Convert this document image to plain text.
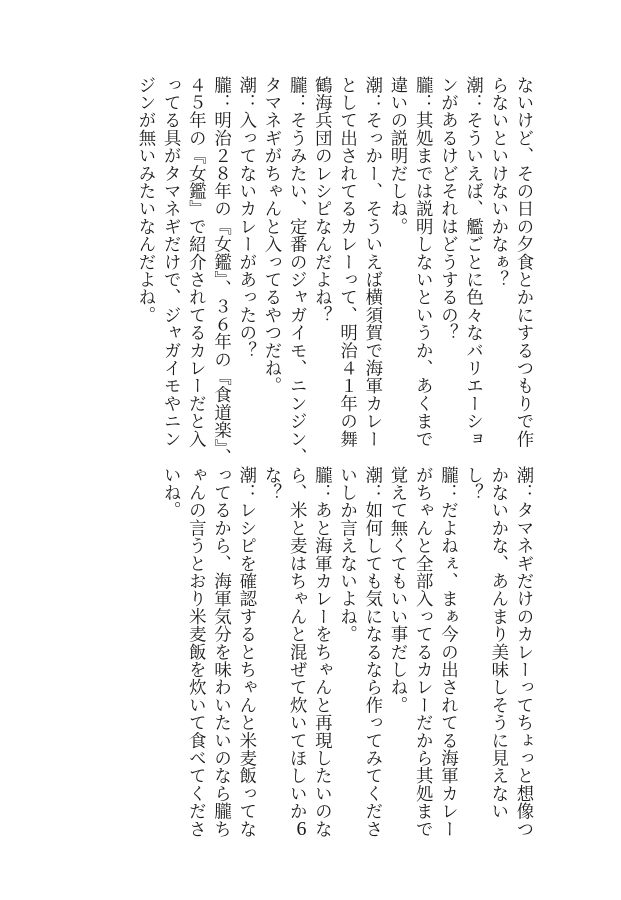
ないけど、その日の夕食とかにするつもりで作
らないといけないかなぁ？
潮：そういえば、艦ごとに色々なバリエーショ
ンがあるけどそれはどうするの？
朧：其処までは説明しないというか、あくまで
違いの説明だしね。
潮：そっかー、そういえば横須賀で海軍カレー
として出されてるカレーって、明治４１年の舞
鶴海兵団のレシピなんだよね？
朧：そうみたい、定番のジャガイモ、ニンジン、
タマネギがちゃんと入ってるやつだね。
潮：入ってないカレーがあったの？
朧：明治２８年の『女鑑』、３６年の『食道楽』、
４５年の『女鑑』で紹介されてるカレーだと入
ってる具がタマネギだけで、ジャガイモやニン
ジンが無いみたいなんだよね。
潮：タマネギだけのカレーってちょっと想像つ
かないかな、あんまり美味しそうに見えない
し？
朧：だよねぇ、まぁ今の出されてる海軍カレー
がちゃんと全部入ってるカレーだから其処まで
覚えて無くてもいい事だしね。
潮：如何しても気になるなら作ってみてくださ
いしか言えないよね。
朧：あと海軍カレーをちゃんと再現したいのな
ら、米と麦はちゃんと混ぜて炊いてほしいか
な？
潮：レシピを確認するとちゃんと米麦飯ってな
ってるから、海軍気分を味わいたいのなら朧ち
ゃんの言うとおり米麦飯を炊いて食べてくださ
いね。
6
